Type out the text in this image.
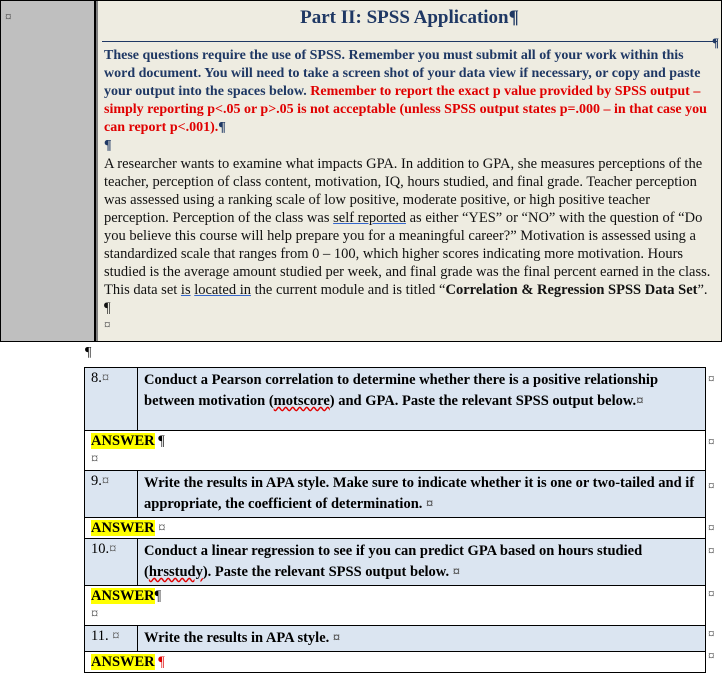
¤	Part II: SPSS Application¶
¶
These questions require the use of SPSS. Remember you must submit all of your work within this word document. You will need to take a screen shot of your data view if necessary, or copy and paste your output into the spaces below. Remember to report the exact p value provided by SPSS output – simply reporting p<.05 or p>.05 is not acceptable (unless SPSS output states p=.000 – in that case you can report p<.001).¶
¶
A researcher wants to examine what impacts GPA. In addition to GPA, she measures perceptions of the teacher, perception of class content, motivation, IQ, hours studied, and final grade. Teacher perception was assessed using a ranking scale of low positive, moderate positive, or high positive teacher perception. Perception of the class was self reported as either “YES” or “NO” with the question of “Do you believe this course will help prepare you for a meaningful career?” Motivation is assessed using a standardized scale that ranges from 0 – 100, which higher scores indicating more motivation. Hours studied is the average amount studied per week, and final grade was the final percent earned in the class. This data set is located in the current module and is titled “Correlation & Regression SPSS Data Set”. ¶
¤
¶
8.¤	Conduct a Pearson correlation to determine whether there is a positive relationship between motivation (motscore) and GPA. Paste the relevant SPSS output below.¤
ANSWER ¶
¤	
9.¤	Write the results in APA style. Make sure to indicate whether it is one or two-tailed and if appropriate, the coefficient of determination. ¤
ANSWER ¤	
10.¤	Conduct a linear regression to see if you can predict GPA based on hours studied (hrsstudy). Paste the relevant SPSS output below. ¤
ANSWER¶
¤	
11. ¤	Write the results in APA style. ¤
ANSWER ¶	
¤
¤
¤
¤
¤
¤
¤
¤
